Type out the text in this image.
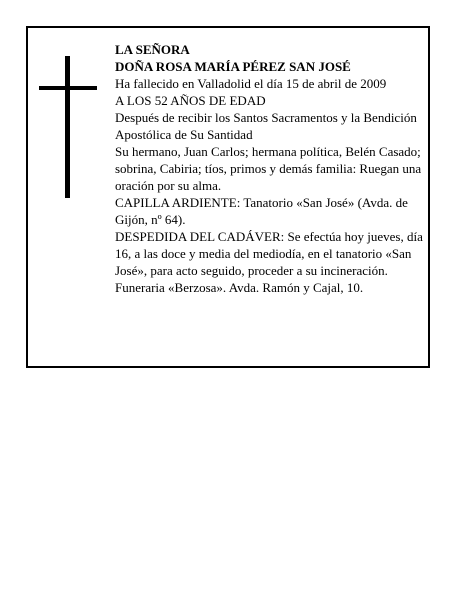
LA SEÑORA

DOÑA ROSA MARÍA PÉREZ SAN JOSÉ

Ha fallecido en Valladolid el día 15 de abril de 2009

A LOS 52 AÑOS DE EDAD

Después de recibir los Santos Sacramentos y la Bendición Apostólica de Su Santidad

Su hermano, Juan Carlos; hermana política, Belén Casado; sobrina, Cabiria; tíos, primos y demás familia: Ruegan una oración por su alma.

CAPILLA ARDIENTE: Tanatorio «San José» (Avda. de Gijón, nº 64).

DESPEDIDA DEL CADÁVER: Se efectúa hoy jueves, día 16, a las doce y media del mediodía, en el tanatorio «San José», para acto seguido, proceder a su incineración.

Funeraria «Berzosa». Avda. Ramón y Cajal, 10.
